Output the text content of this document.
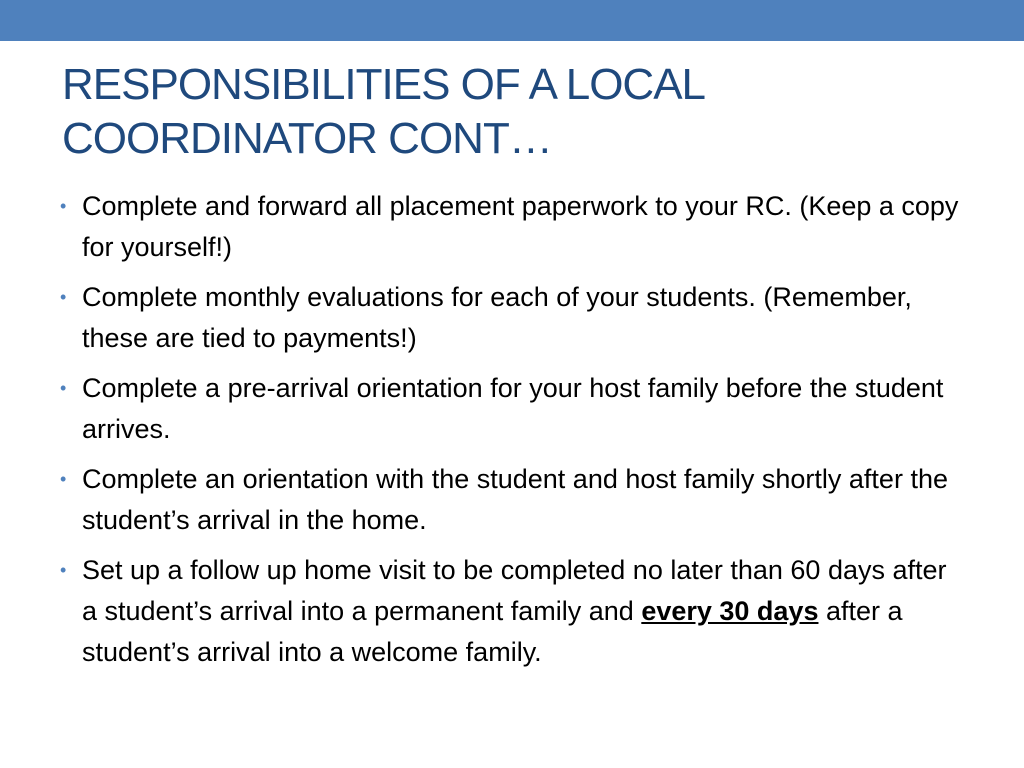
RESPONSIBILITIES OF A LOCAL
COORDINATOR CONT…
• Complete and forward all placement paperwork to your RC. (Keep a copy for yourself!)
• Complete monthly evaluations for each of your students. (Remember, these are tied to payments!)
• Complete a pre-arrival orientation for your host family before the student arrives.
• Complete an orientation with the student and host family shortly after the student’s arrival in the home.
• Set up a follow up home visit to be completed no later than 60 days after a student’s arrival into a permanent family and every 30 days after a student’s arrival into a welcome family.
